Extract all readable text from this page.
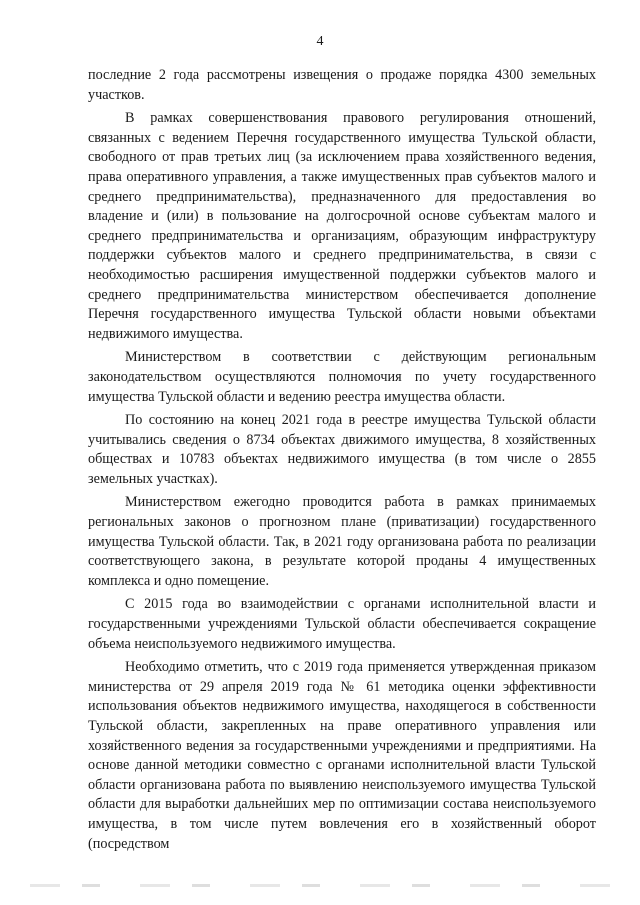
4

последние 2 года рассмотрены извещения о продаже порядка 4300 земельных участков.

В рамках совершенствования правового регулирования отношений, связанных с ведением Перечня государственного имущества Тульской области, свободного от прав третьих лиц (за исключением права хозяйственного ведения, права оперативного управления, а также имущественных прав субъектов малого и среднего предпринимательства), предназначенного для предоставления во владение и (или) в пользование на долгосрочной основе субъектам малого и среднего предпринимательства и организациям, образующим инфраструктуру поддержки субъектов малого и среднего предпринимательства, в связи с необходимостью расширения имущественной поддержки субъектов малого и среднего предпринимательства министерством обеспечивается дополнение Перечня государственного имущества Тульской области новыми объектами недвижимого имущества.

Министерством в соответствии с действующим региональным законодательством осуществляются полномочия по учету государственного имущества Тульской области и ведению реестра имущества области.

По состоянию на конец 2021 года в реестре имущества Тульской области учитывались сведения о 8734 объектах движимого имущества, 8 хозяйственных обществах и 10783 объектах недвижимого имущества (в том числе о 2855 земельных участках).

Министерством ежегодно проводится работа в рамках принимаемых региональных законов о прогнозном плане (приватизации) государственного имущества Тульской области. Так, в 2021 году организована работа по реализации соответствующего закона, в результате которой проданы 4 имущественных комплекса и одно помещение.

С 2015 года во взаимодействии с органами исполнительной власти и государственными учреждениями Тульской области обеспечивается сокращение объема неиспользуемого недвижимого имущества.

Необходимо отметить, что с 2019 года применяется утвержденная приказом министерства от 29 апреля 2019 года № 61 методика оценки эффективности использования объектов недвижимого имущества, находящегося в собственности Тульской области, закрепленных на праве оперативного управления или хозяйственного ведения за государственными учреждениями и предприятиями. На основе данной методики совместно с органами исполнительной власти Тульской области организована работа по выявлению неиспользуемого имущества Тульской области для выработки дальнейших мер по оптимизации состава неиспользуемого имущества, в том числе путем вовлечения его в хозяйственный оборот (посредством
